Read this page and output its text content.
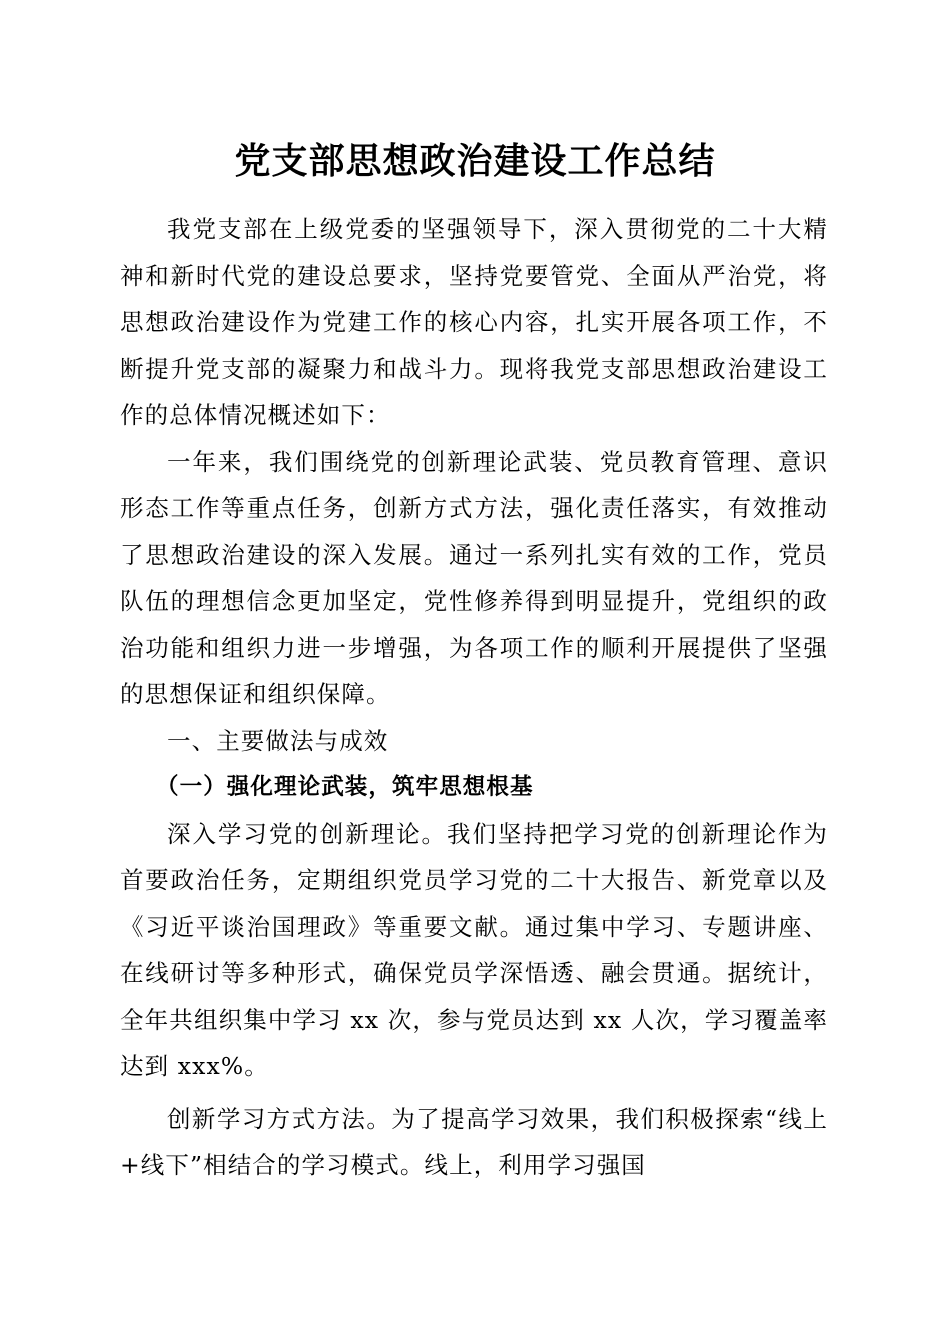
党支部思想政治建设工作总结

我党支部在上级党委的坚强领导下，深入贯彻党的二十大精神和新时代党的建设总要求，坚持党要管党、全面从严治党，将思想政治建设作为党建工作的核心内容，扎实开展各项工作，不断提升党支部的凝聚力和战斗力。现将我党支部思想政治建设工作的总体情况概述如下：

一年来，我们围绕党的创新理论武装、党员教育管理、意识形态工作等重点任务，创新方式方法，强化责任落实，有效推动了思想政治建设的深入发展。通过一系列扎实有效的工作，党员队伍的理想信念更加坚定，党性修养得到明显提升，党组织的政治功能和组织力进一步增强，为各项工作的顺利开展提供了坚强的思想保证和组织保障。

一、主要做法与成效

（一）强化理论武装，筑牢思想根基

深入学习党的创新理论。我们坚持把学习党的创新理论作为首要政治任务，定期组织党员学习党的二十大报告、新党章以及《习近平谈治国理政》等重要文献。通过集中学习、专题讲座、在线研讨等多种形式，确保党员学深悟透、融会贯通。据统计，全年共组织集中学习 xx 次，参与党员达到 xx 人次，学习覆盖率达到 xxx%。

创新学习方式方法。为了提高学习效果，我们积极探索“线上+线下”相结合的学习模式。线上，利用学习强国
